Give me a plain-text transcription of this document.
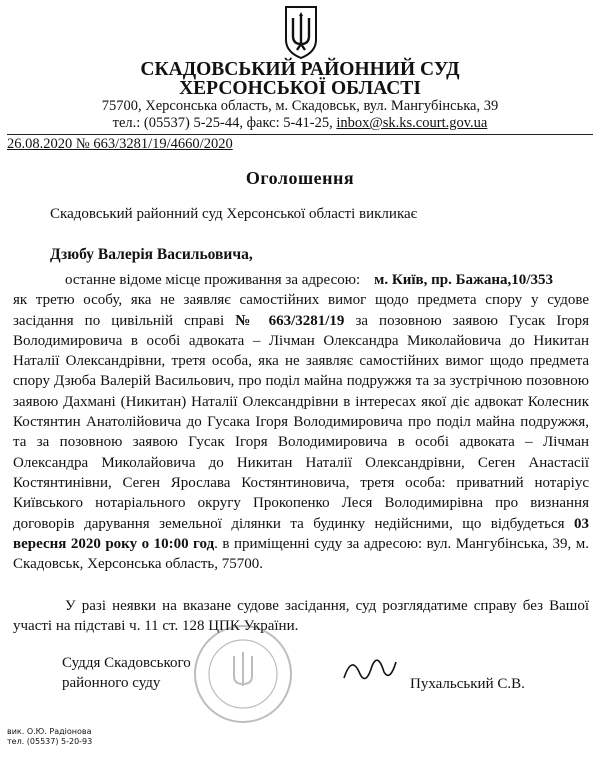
СКАДОВСЬКИЙ РАЙОННИЙ СУД
ХЕРСОНСЬКОЇ ОБЛАСТІ
75700, Херсонська область, м. Скадовськ, вул. Мангубінська, 39
тел.: (05537) 5-25-44, факс: 5-41-25, inbox@sk.ks.court.gov.ua
26.08.2020 № 663/3281/19/4660/2020
Оголошення
Скадовський районний суд Херсонської області викликає
Дзюбу Валерія Васильовича,

останне відоме місце проживання за адресою: м. Київ, пр. Бажана,10/353

як третю особу, яка не заявляє самостійних вимог щодо предмета спору у судове засідання по цивільній справі № 663/3281/19 за позовною заявою Гусак Ігоря Володимировича в особі адвоката – Лічман Олександра Миколайовича до Никитан Наталії Олександрівни, третя особа, яка не заявляє самостійних вимог щодо предмета спору Дзюба Валерій Васильович, про поділ майна подружжя та за зустрічною позовною заявою Дахмані (Никитан) Наталії Олександрівни в інтересах якої діє адвокат Колесник Костянтин Анатолійовича до Гусака Ігоря Володимировича про поділ майна подружжя, та за позовною заявою Гусак Ігоря Володимировича в особі адвоката – Лічман Олександра Миколайовича до Никитан Наталії Олександрівни, Сеген Анастасії Костянтинівни, Сеген Ярослава Костянтиновича, третя особа: приватний нотаріус Київського нотаріального округу Прокопенко Леся Володимирівна про визнання договорів дарування земельної ділянки та будинку недійсними, що відбудеться 03 вересня 2020 року о 10:00 год. в приміщенні суду за адресою: вул. Мангубінська, 39, м. Скадовськ, Херсонська область, 75700.

У разі неявки на вказане судове засідання, суд розглядатиме справу без Вашої участі на підставі ч. 11 ст. 128 ЦПК України.
Суддя Скадовського
районного суду	Пухальський С.В.
вик. О.Ю. Радіонова
тел. (05537) 5-20-93
